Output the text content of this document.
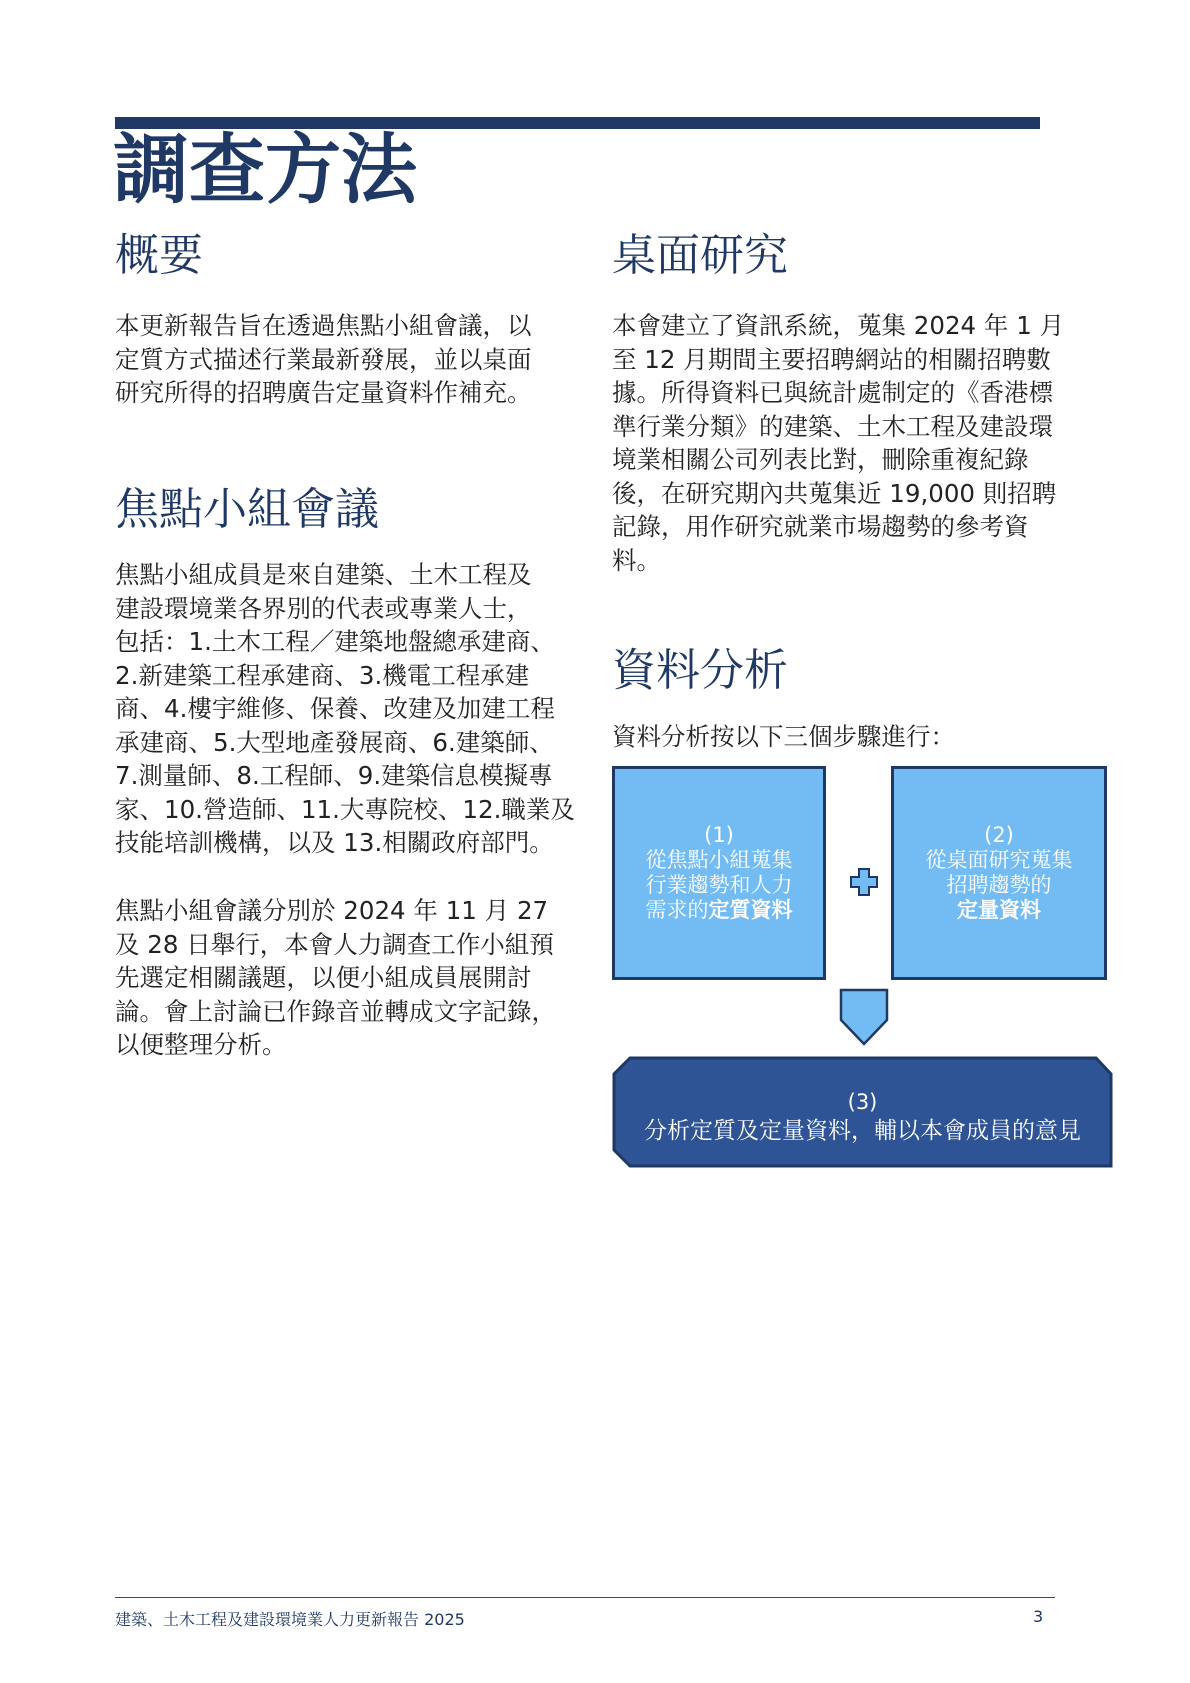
調查方法
概要
本更新報告旨在透過焦點小組會議，以
定質方式描述行業最新發展，並以桌面
研究所得的招聘廣告定量資料作補充。
焦點小組會議
焦點小組成員是來自建築、土木工程及
建設環境業各界別的代表或專業人士，
包括：1.土木工程／建築地盤總承建商、
2.新建築工程承建商、3.機電工程承建
商、4.樓宇維修、保養、改建及加建工程
承建商、5.大型地產發展商、6.建築師、
7.測量師、8.工程師、9.建築信息模擬專
家、10.營造師、11.大專院校、12.職業及
技能培訓機構，以及 13.相關政府部門。
焦點小組會議分別於 2024 年 11 月 27
及 28 日舉行，本會人力調查工作小組預
先選定相關議題，以便小組成員展開討
論。會上討論已作錄音並轉成文字記錄，
以便整理分析。
桌面研究
本會建立了資訊系統，蒐集 2024 年 1 月
至 12 月期間主要招聘網站的相關招聘數
據。所得資料已與統計處制定的《香港標
準行業分類》的建築、土木工程及建設環
境業相關公司列表比對，刪除重複紀錄
後，在研究期內共蒐集近 19,000 則招聘
記錄，用作研究就業市場趨勢的參考資
料。
資料分析
資料分析按以下三個步驟進行：
(1)
從焦點小組蒐集
行業趨勢和人力
需求的定質資料
(2)
從桌面研究蒐集
招聘趨勢的
定量資料
(3)
分析定質及定量資料，輔以本會成員的意見
建築、土木工程及建設環境業人力更新報告 2025	3
